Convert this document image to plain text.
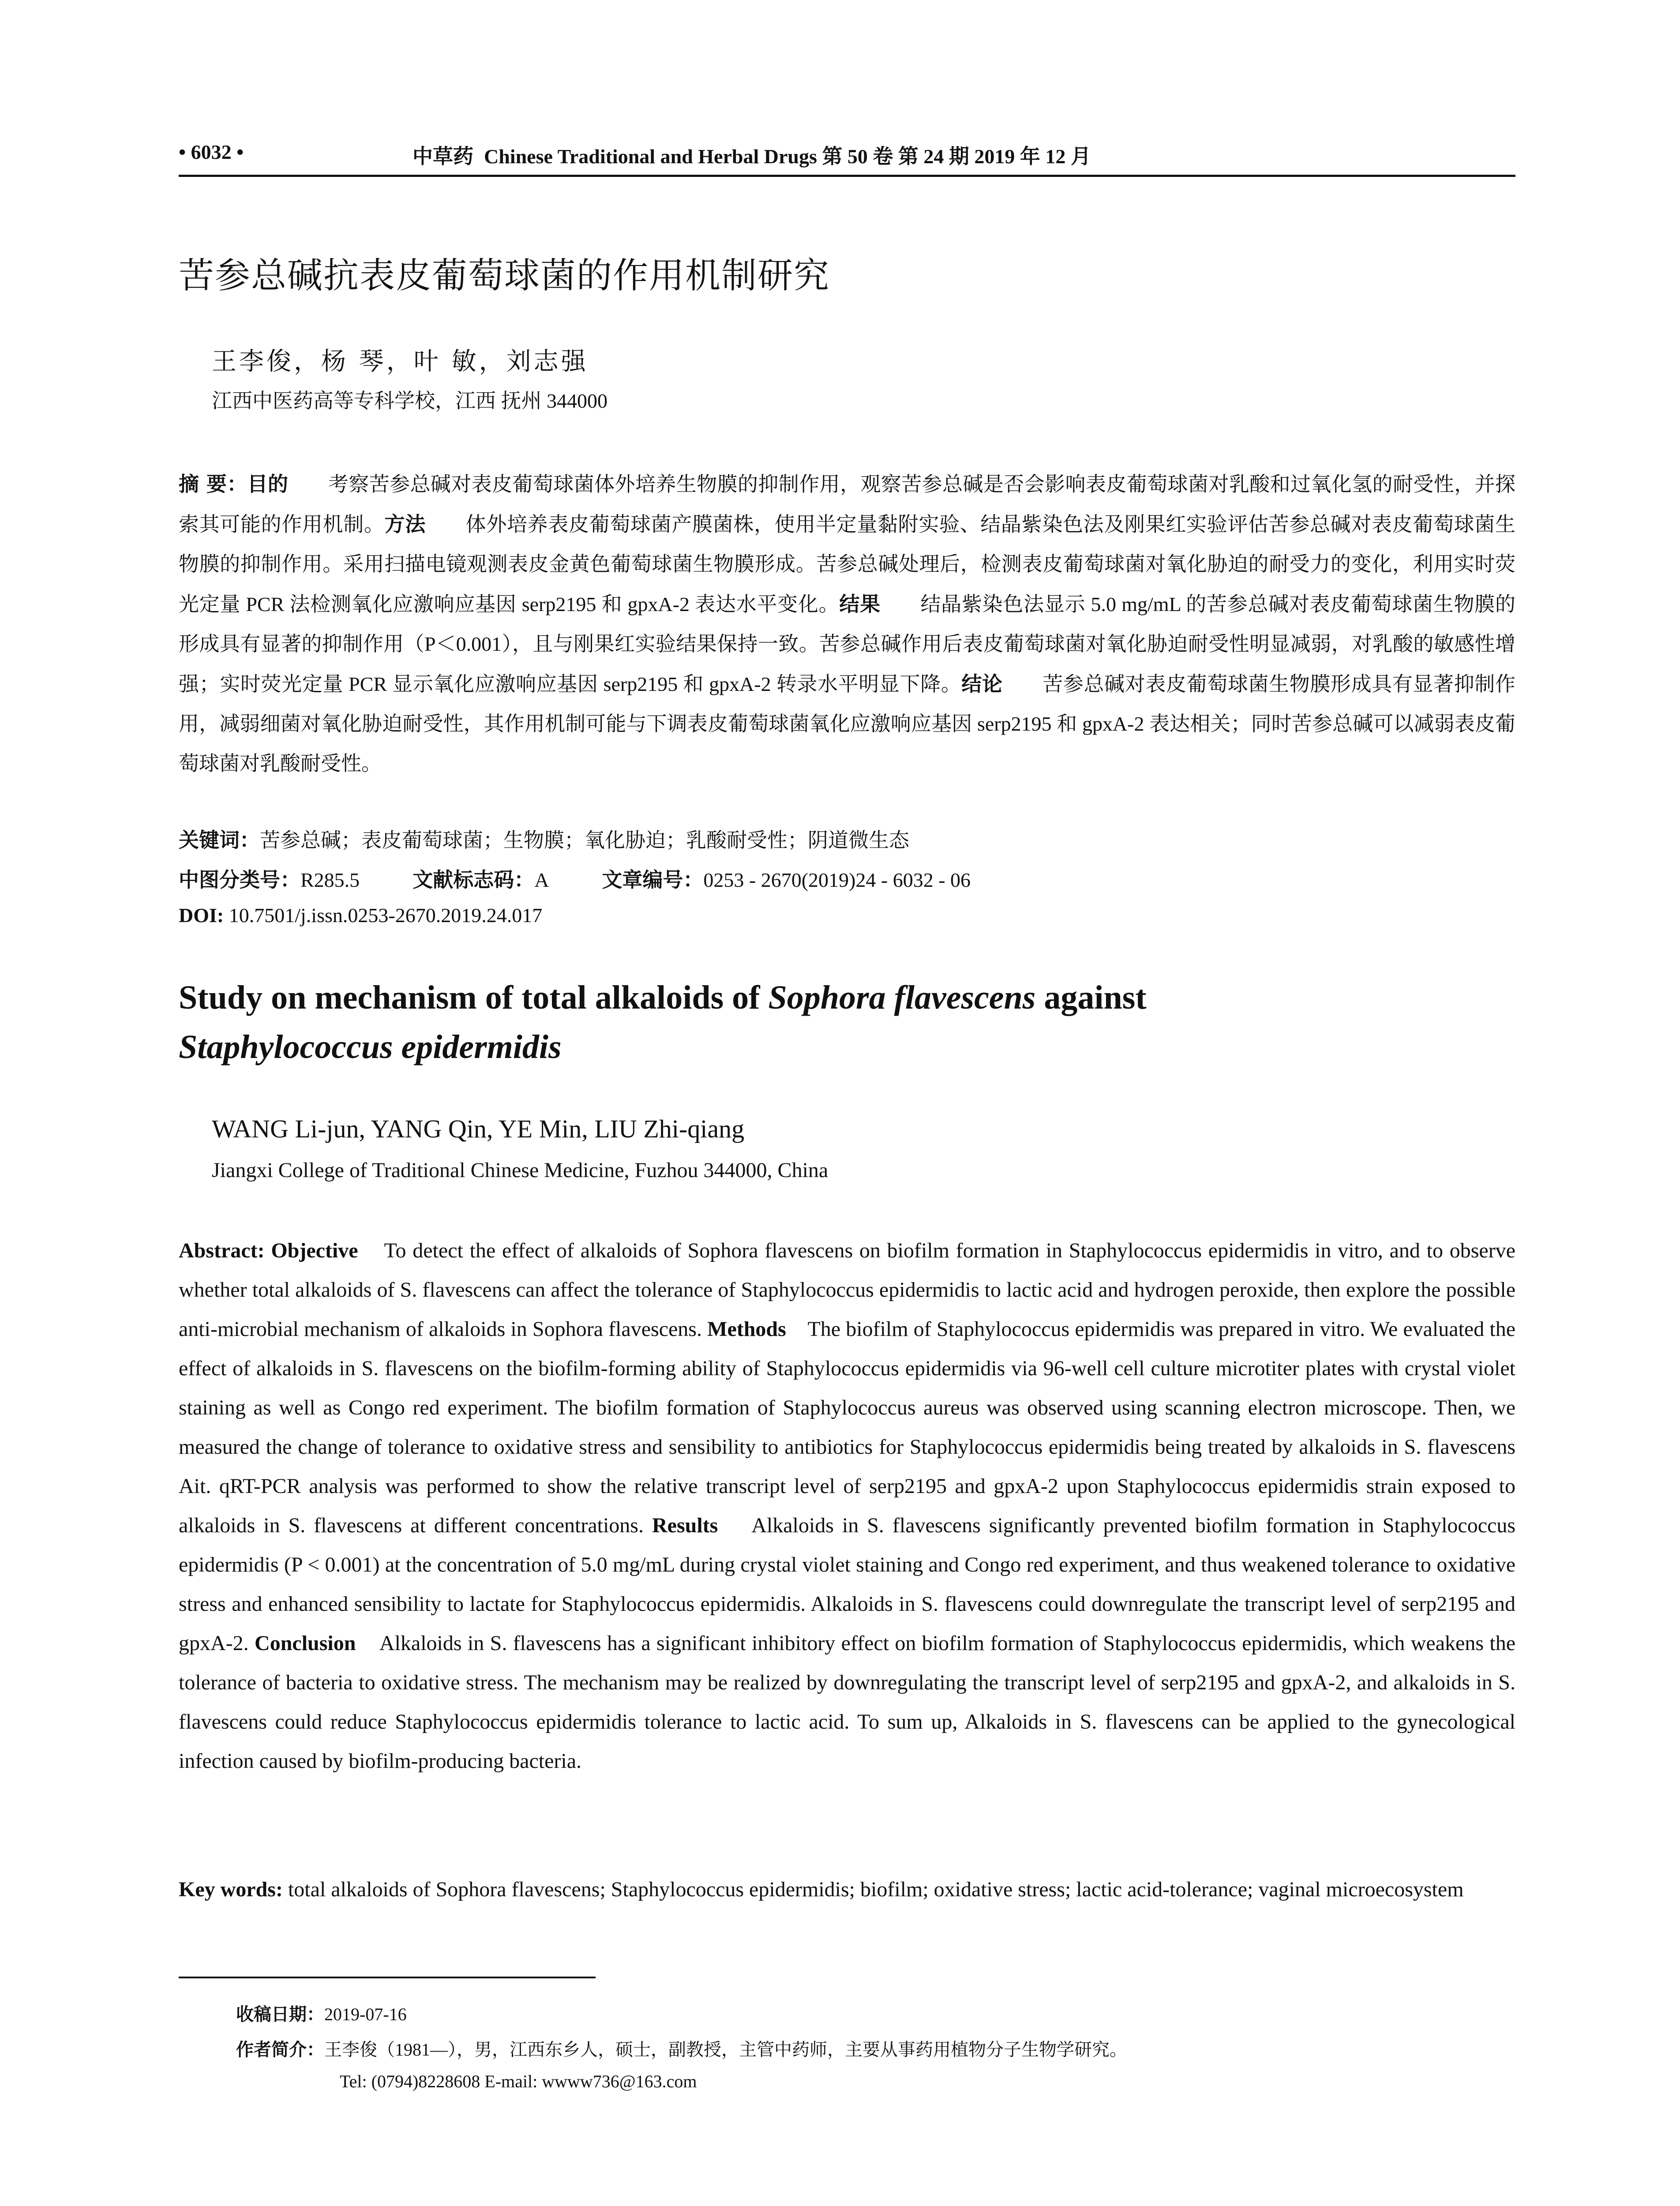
• 6032 •	中草药 Chinese Traditional and Herbal Drugs 第 50 卷 第 24 期 2019 年 12 月
苦参总碱抗表皮葡萄球菌的作用机制研究
王李俊，杨 琴，叶 敏，刘志强
江西中医药高等专科学校，江西 抚州 344000
摘 要：目的 考察苦参总碱对表皮葡萄球菌体外培养生物膜的抑制作用，观察苦参总碱是否会影响表皮葡萄球菌对乳酸和过氧化氢的耐受性，并探索其可能的作用机制。方法 体外培养表皮葡萄球菌产膜菌株，使用半定量黏附实验、结晶紫染色法及刚果红实验评估苦参总碱对表皮葡萄球菌生物膜的抑制作用。采用扫描电镜观测表皮金黄色葡萄球菌生物膜形成。苦参总碱处理后，检测表皮葡萄球菌对氧化胁迫的耐受力的变化，利用实时荧光定量 PCR 法检测氧化应激响应基因 serp2195 和 gpxA-2 表达水平变化。结果 结晶紫染色法显示 5.0 mg/mL 的苦参总碱对表皮葡萄球菌生物膜的形成具有显著的抑制作用（P＜0.001），且与刚果红实验结果保持一致。苦参总碱作用后表皮葡萄球菌对氧化胁迫耐受性明显减弱，对乳酸的敏感性增强；实时荧光定量 PCR 显示氧化应激响应基因 serp2195 和 gpxA-2 转录水平明显下降。结论 苦参总碱对表皮葡萄球菌生物膜形成具有显著抑制作用，减弱细菌对氧化胁迫耐受性，其作用机制可能与下调表皮葡萄球菌氧化应激响应基因 serp2195 和 gpxA-2 表达相关；同时苦参总碱可以减弱表皮葡萄球菌对乳酸耐受性。
关键词：苦参总碱；表皮葡萄球菌；生物膜；氧化胁迫；乳酸耐受性；阴道微生态
中图分类号：R285.5	文献标志码：A	文章编号：0253 - 2670(2019)24 - 6032 - 06
DOI: 10.7501/j.issn.0253-2670.2019.24.017
Study on mechanism of total alkaloids of Sophora flavescens against
Staphylococcus epidermidis
WANG Li-jun, YANG Qin, YE Min, LIU Zhi-qiang
Jiangxi College of Traditional Chinese Medicine, Fuzhou 344000, China
Abstract: Objective To detect the effect of alkaloids of Sophora flavescens on biofilm formation in Staphylococcus epidermidis in vitro, and to observe whether total alkaloids of S. flavescens can affect the tolerance of Staphylococcus epidermidis to lactic acid and hydrogen peroxide, then explore the possible anti-microbial mechanism of alkaloids in Sophora flavescens. Methods The biofilm of Staphylococcus epidermidis was prepared in vitro. We evaluated the effect of alkaloids in S. flavescens on the biofilm-forming ability of Staphylococcus epidermidis via 96-well cell culture microtiter plates with crystal violet staining as well as Congo red experiment. The biofilm formation of Staphylococcus aureus was observed using scanning electron microscope. Then, we measured the change of tolerance to oxidative stress and sensibility to antibiotics for Staphylococcus epidermidis being treated by alkaloids in S. flavescens Ait. qRT-PCR analysis was performed to show the relative transcript level of serp2195 and gpxA-2 upon Staphylococcus epidermidis strain exposed to alkaloids in S. flavescens at different concentrations. Results Alkaloids in S. flavescens significantly prevented biofilm formation in Staphylococcus epidermidis (P < 0.001) at the concentration of 5.0 mg/mL during crystal violet staining and Congo red experiment, and thus weakened tolerance to oxidative stress and enhanced sensibility to lactate for Staphylococcus epidermidis. Alkaloids in S. flavescens could downregulate the transcript level of serp2195 and gpxA-2. Conclusion Alkaloids in S. flavescens has a significant inhibitory effect on biofilm formation of Staphylococcus epidermidis, which weakens the tolerance of bacteria to oxidative stress. The mechanism may be realized by downregulating the transcript level of serp2195 and gpxA-2, and alkaloids in S. flavescens could reduce Staphylococcus epidermidis tolerance to lactic acid. To sum up, Alkaloids in S. flavescens can be applied to the gynecological infection caused by biofilm-producing bacteria.
Key words: total alkaloids of Sophora flavescens; Staphylococcus epidermidis; biofilm; oxidative stress; lactic acid-tolerance; vaginal microecosystem
收稿日期：2019-07-16
作者简介：王李俊（1981—），男，江西东乡人，硕士，副教授，主管中药师，主要从事药用植物分子生物学研究。
Tel: (0794)8228608 E-mail: wwww736@163.com
